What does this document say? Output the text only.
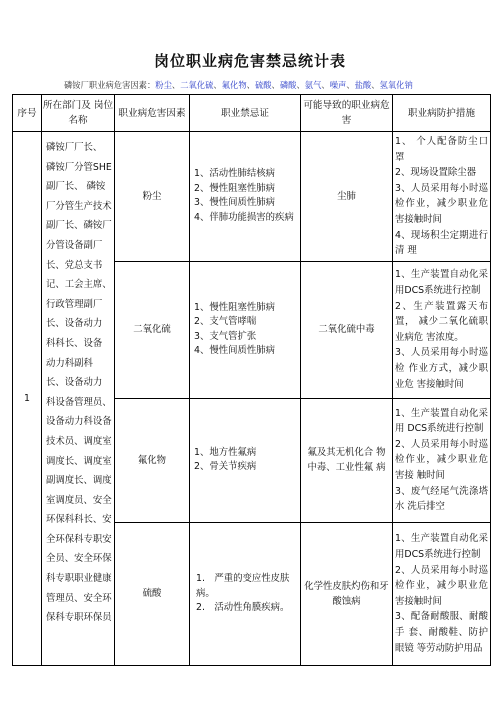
岗位职业病危害禁忌统计表
磷铵厂职业病危害因素：粉尘、二氧化硫、氟化物、硫酸、磷酸、氨气、噪声、盐酸、氢氧化钠
序号	所在部门及 岗位名称	职业病危害因素	职业禁忌证	可能导致的职业病危害	职业病防护措施
1	磷铵厂厂长、 磷铵厂分管SHE副厂长、 磷铵厂分管生产技术副厂长、磷铵厂分管设备副厂长、党总支书记、工会主席、 行政管理副厂长、设备动力 科科长、设备 动力科副科 长、设备动力 科设备管理员、设备动力科设备技术员、调度室调度长、调度室副调度长、调度室调度员、安全环保科科长、安全环保科专职安全员、安全环保科专职职业健康管理员、安全环保科专职环保员	粉尘	1、活动性肺结核病
2、慢性阻塞性肺病
3、慢性间质性肺病
4、伴肺功能损害的疾病	尘肺	1、 个人配备防尘口罩
2、现场设置除尘器
3、人员采用每小时巡检作业，减少职业危害接触时间
4、现场积尘定期进行清 理

		二氧化硫	1、慢性阻塞性肺病
2、支气管哮喘
3、支气管扩张
4、慢性间质性肺病	二氧化硫中毒	1、生产装置自动化采用DCS系统进行控制
2、生产装置露天布置， 减少二氧化硫职业病危 害浓度。
3、人员采用每小时巡检 作业方式，减少职业危 害接触时间

		氟化物	1、地方性氟病
2、骨关节疾病	氟及其无机化合 物中毒、工业性氟 病	1、生产装置自动化采用 DCS系统进行控制
2、人员采用每小时巡检作业，减少职业危害接 触时间
3、废气经尾气洗涤塔水 洗后排空

		硫酸	1.　严重的变应性皮肤病。
2.　活动性角膜疾病。	化学性皮肤灼伤和牙酸蚀病	1、生产装置自动化采用DCS系统进行控制
2、人员采用每小时巡检作业，减少职业危害接触时间
3、配备耐酸服、耐酸手 套、耐酸鞋、防护眼镜 等劳动防护用品
